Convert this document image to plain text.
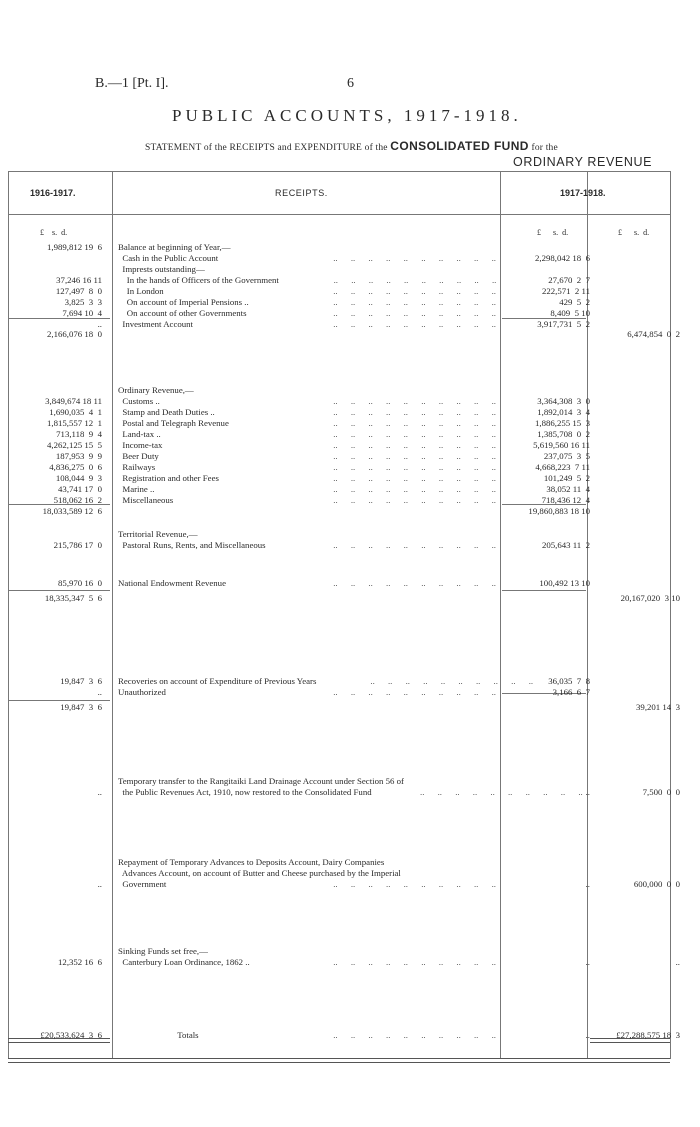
B.—1 [Pt. I].	6
PUBLIC ACCOUNTS, 1917-1918.
STATEMENT of the RECEIPTS and EXPENDITURE of the CONSOLIDATED FUND for the
ORDINARY REVENUE
1916-1917.	RECEIPTS.	1917-1918.
£    s.  d.	£      s.  d.	£      s.  d.
1,989,812 19  6 Balance at beginning of Year,—
Cash in the Public Account	..      ..      ..      ..      ..      ..      ..      ..      ..      ..	2,298,042 18  6
Imprests outstanding—
37,246 16 11 In the hands of Officers of the Government	..      ..      ..      ..      ..      ..      ..      ..      ..      ..	27,670  2  7
127,497  8  0 In London	..      ..      ..      ..      ..      ..      ..      ..      ..      ..	222,571  2 11
3,825  3  3 On account of Imperial Pensions ..	..      ..      ..      ..      ..      ..      ..      ..      ..      ..	429  5  2
7,694 10  4 On account of other Governments	..      ..      ..      ..      ..      ..      ..      ..      ..      ..	8,409  5 10
.. Investment Account	..      ..      ..      ..      ..      ..      ..      ..      ..      ..	3,917,731  5  2
2,166,076 18  0	6,474,854  0  2
Ordinary Revenue,—
3,849,674 18 11 Customs ..	..      ..      ..      ..      ..      ..      ..      ..      ..      ..	3,364,308  3  0
1,690,035  4  1 Stamp and Death Duties ..	..      ..      ..      ..      ..      ..      ..      ..      ..      ..	1,892,014  3  4
1,815,557 12  1 Postal and Telegraph Revenue	..      ..      ..      ..      ..      ..      ..      ..      ..      ..	1,886,255 15  3
713,118  9  4 Land-tax ..	..      ..      ..      ..      ..      ..      ..      ..      ..      ..	1,385,708  0  2
4,262,125 15  5 Income-tax	..      ..      ..      ..      ..      ..      ..      ..      ..      ..	5,619,560 16 11
187,953  9  9 Beer Duty	..      ..      ..      ..      ..      ..      ..      ..      ..      ..	237,075  3  5
4,836,275  0  6 Railways	..      ..      ..      ..      ..      ..      ..      ..      ..      ..	4,668,223  7 11
108,044  9  3 Registration and other Fees	..      ..      ..      ..      ..      ..      ..      ..      ..      ..	101,249  5  2
43,741 17  0 Marine ..	..      ..      ..      ..      ..      ..      ..      ..      ..      ..	38,052 11  4
518,062 16  2 Miscellaneous	..      ..      ..      ..      ..      ..      ..      ..      ..      ..	718,436 12  4
18,033,589 12  6	19,860,883 18 10
Territorial Revenue,—
215,786 17  0 Pastoral Runs, Rents, and Miscellaneous	..      ..      ..      ..      ..      ..      ..      ..      ..      ..	205,643 11  2
85,970 16  0 National Endowment Revenue	..      ..      ..      ..      ..      ..      ..      ..      ..      ..	100,492 13 10
18,335,347  5  6	20,167,020  3 10
19,847  3  6 Recoveries on account of Expenditure of Previous Years	..      ..      ..      ..      ..      ..      ..      ..      ..      ..	36,035  7  8
.. Unauthorized	..      ..      ..      ..      ..      ..      ..      ..      ..      ..	3,166  6  7
19,847  3  6	39,201 14  3
Temporary transfer to the Rangitaiki Land Drainage Account under Section 56 of
.. the Public Revenues Act, 1910, now restored to the Consolidated Fund	..      ..      ..      ..      ..      ..      ..      ..      ..      .. ..	7,500  0  0
Repayment of Temporary Advances to Deposits Account, Dairy Companies
Advances Account, on account of Butter and Cheese purchased by the Imperial
.. Government	..      ..      ..      ..      ..      ..      ..      ..      ..      ..	..	600,000  0  0
Sinking Funds set free,—
12,352 16  6 Canterbury Loan Ordinance, 1862 ..	..      ..      ..      ..      ..      ..      ..      ..      ..      ..	..	..
£20,533,624  3  6 Totals	..      ..      ..      ..      ..      ..      ..      ..      ..      ..	..	£27,288,575 18  3
